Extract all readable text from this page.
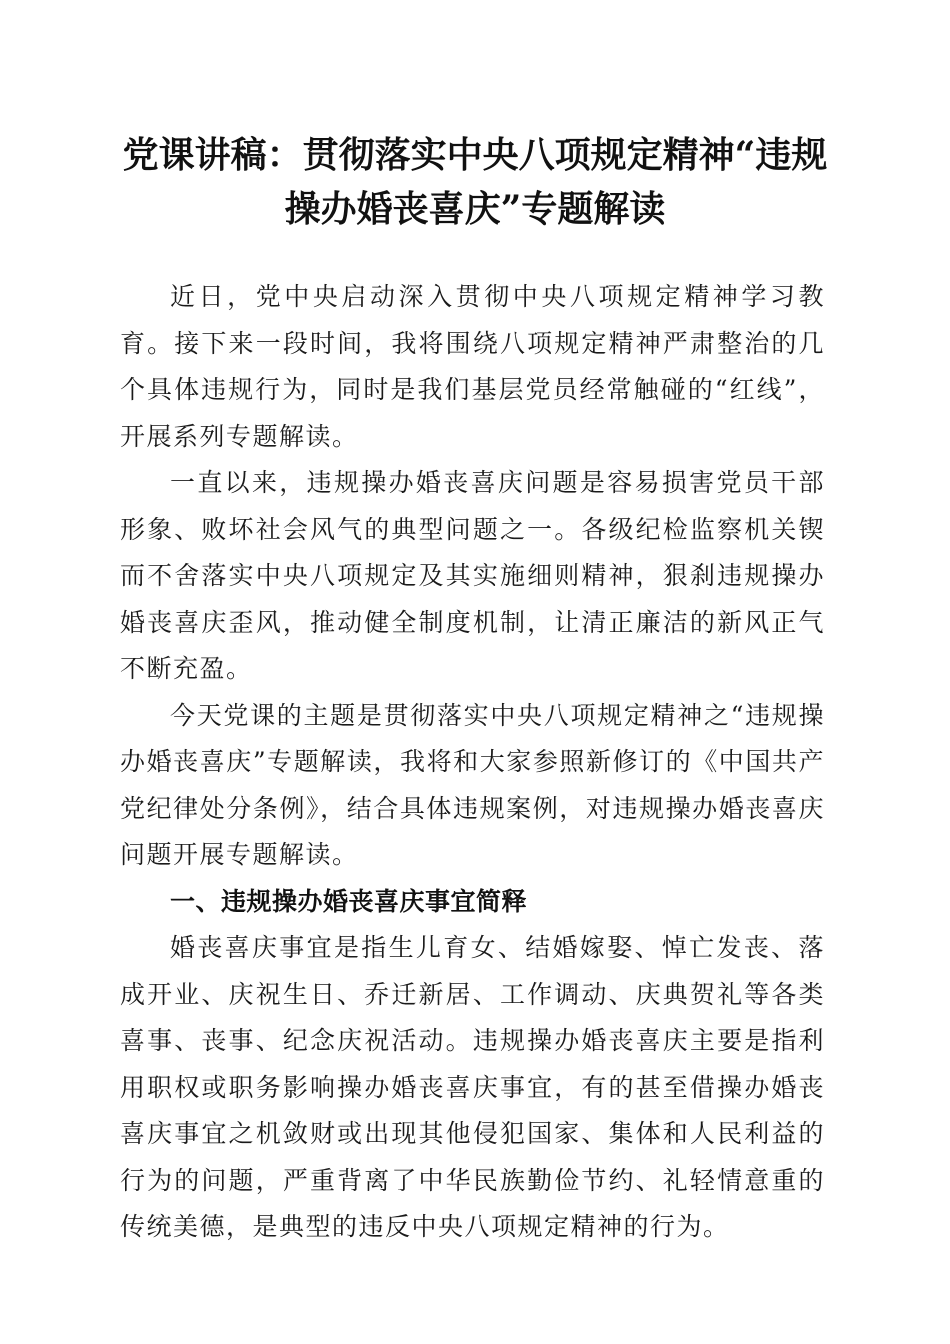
党课讲稿：贯彻落实中央八项规定精神“违规
操办婚丧喜庆”专题解读

近日，党中央启动深入贯彻中央八项规定精神学习教育。接下来一段时间，我将围绕八项规定精神严肃整治的几个具体违规行为，同时是我们基层党员经常触碰的“红线”，开展系列专题解读。

一直以来，违规操办婚丧喜庆问题是容易损害党员干部形象、败坏社会风气的典型问题之一。各级纪检监察机关锲而不舍落实中央八项规定及其实施细则精神，狠刹违规操办婚丧喜庆歪风，推动健全制度机制，让清正廉洁的新风正气不断充盈。

今天党课的主题是贯彻落实中央八项规定精神之“违规操办婚丧喜庆”专题解读，我将和大家参照新修订的《中国共产党纪律处分条例》，结合具体违规案例，对违规操办婚丧喜庆问题开展专题解读。

一、违规操办婚丧喜庆事宜简释

婚丧喜庆事宜是指生儿育女、结婚嫁娶、悼亡发丧、落成开业、庆祝生日、乔迁新居、工作调动、庆典贺礼等各类喜事、丧事、纪念庆祝活动。违规操办婚丧喜庆主要是指利用职权或职务影响操办婚丧喜庆事宜，有的甚至借操办婚丧喜庆事宜之机敛财或出现其他侵犯国家、集体和人民利益的行为的问题，严重背离了中华民族勤俭节约、礼轻情意重的传统美德，是典型的违反中央八项规定精神的行为。
